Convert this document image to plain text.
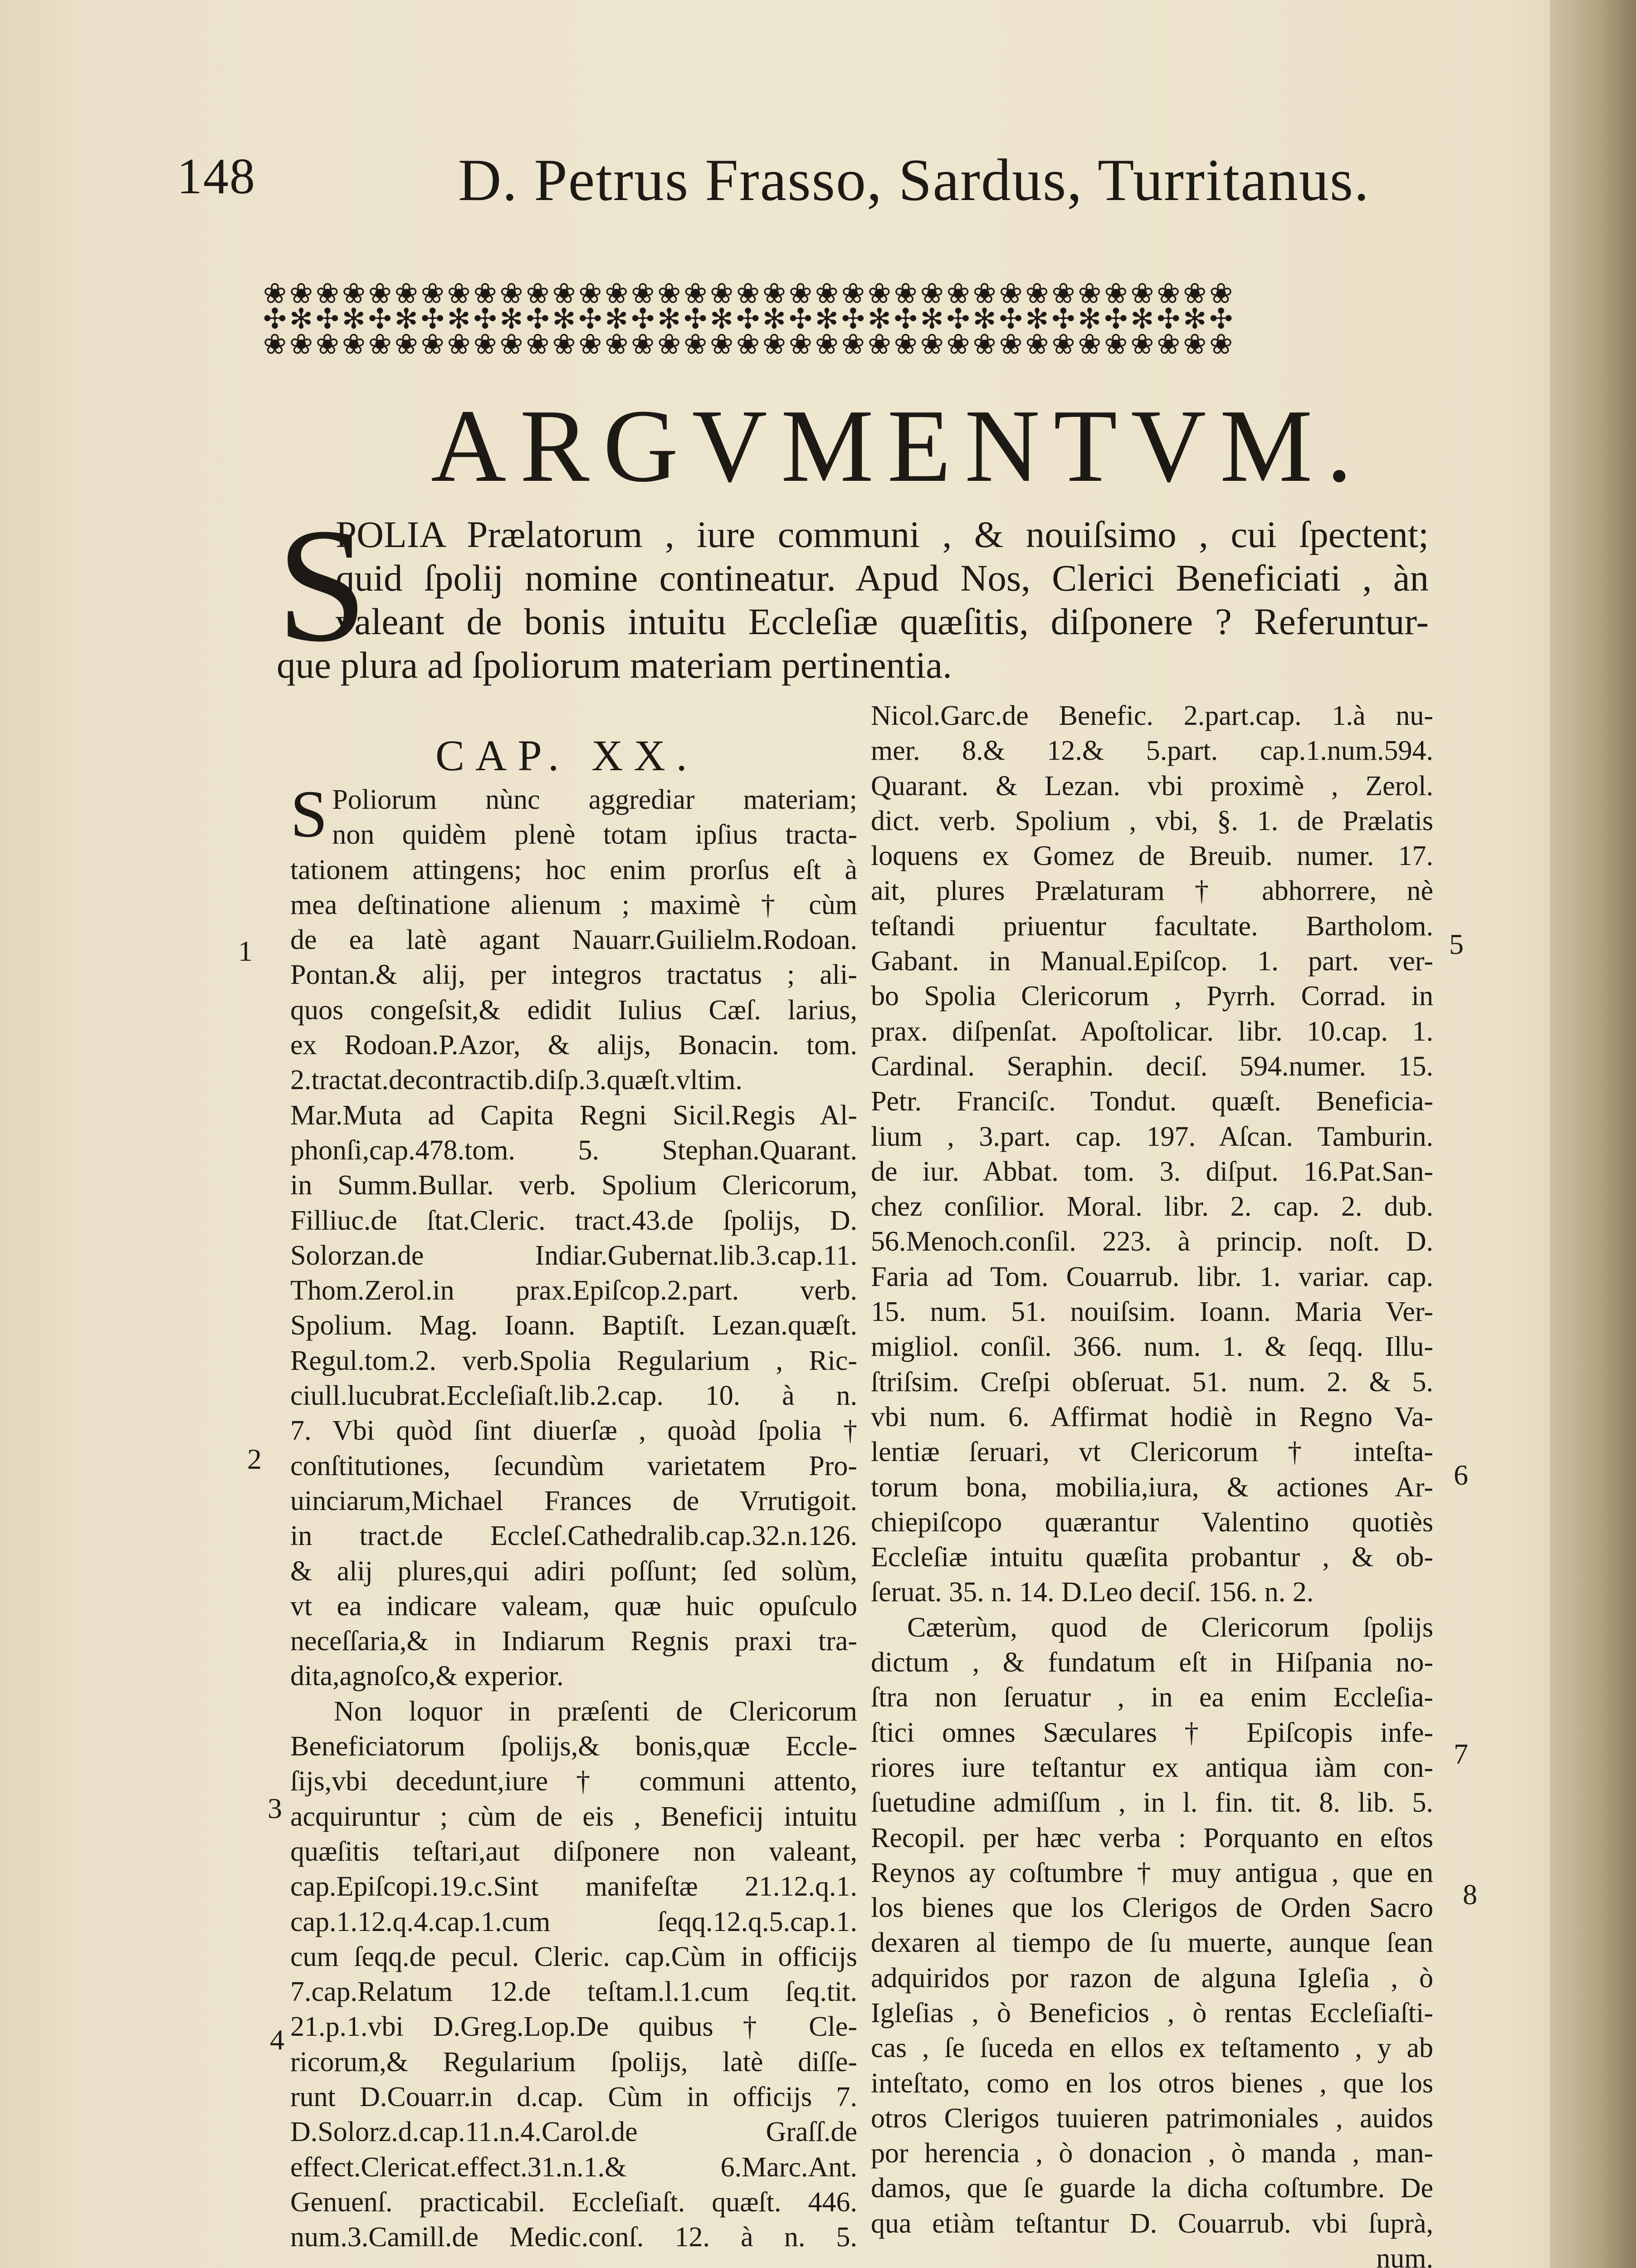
148	D. Petrus Frasso, Sardus, Turritanus.
❀❀❀❀❀❀❀❀❀❀❀❀❀❀❀❀❀❀❀❀❀❀❀❀❀❀❀❀❀❀❀❀❀❀❀❀❀
✣✻✣✻✣✻✣✻✣✻✣✻✣✻✣✻✣✻✣✻✣✻✣✻✣✻✣✻✣✻✣✻✣✻✣✻✣
❀❀❀❀❀❀❀❀❀❀❀❀❀❀❀❀❀❀❀❀❀❀❀❀❀❀❀❀❀❀❀❀❀❀❀❀❀
ARGVMENTVM.
S
POLIA Prælatorum , iure communi , & nouiſsimo , cui ſpectent;
quid ſpolij nomine contineatur. Apud Nos, Clerici Beneficiati , àn
valeant de bonis intuitu Eccleſiæ quæſitis, diſponere ? Referuntur-
que plura ad ſpoliorum materiam pertinentia.
CAP. XX.
S Poliorum nùnc aggrediar materiam;
non quidèm plenè totam ipſius tracta-
tationem attingens; hoc enim prorſus eſt à
mea deſtinatione alienum ; maximè † cùm
de ea latè agant Nauarr.Guilielm.Rodoan.
Pontan.& alij, per integros tractatus ; ali-
quos congeſsit,& edidit Iulius Cæſ. larius,
ex Rodoan.P.Azor, & alijs, Bonacin. tom.
2.tractat.decontractib.diſp.3.quæſt.vltim.
Mar.Muta ad Capita Regni Sicil.Regis Al-
phonſi,cap.478.tom. 5. Stephan.Quarant.
in Summ.Bullar. verb. Spolium Clericorum,
Filliuc.de ſtat.Cleric. tract.43.de ſpolijs, D.
Solorzan.de Indiar.Gubernat.lib.3.cap.11.
Thom.Zerol.in prax.Epiſcop.2.part. verb.
Spolium. Mag. Ioann. Baptiſt. Lezan.quæſt.
Regul.tom.2. verb.Spolia Regularium , Ric-
ciull.lucubrat.Eccleſiaſt.lib.2.cap. 10. à n.
7. Vbi quòd ſint diuerſæ , quoàd ſpolia †
conſtitutiones, ſecundùm varietatem Pro-
uinciarum,Michael Frances de Vrrutigoit.
in tract.de Eccleſ.Cathedralib.cap.32.n.126.
& alij plures,qui adiri poſſunt; ſed solùm,
vt ea indicare valeam, quæ huic opuſculo
neceſſaria,& in Indiarum Regnis praxi tra-
dita,agnoſco,& experior.
Non loquor in præſenti de Clericorum
Beneficiatorum ſpolijs,& bonis,quæ Eccle-
ſijs,vbi decedunt,iure † communi attento,
acquiruntur ; cùm de eis , Beneficij intuitu
quæſitis teſtari,aut diſponere non valeant,
cap.Epiſcopi.19.c.Sint manifeſtæ 21.12.q.1.
cap.1.12.q.4.cap.1.cum ſeqq.12.q.5.cap.1.
cum ſeqq.de pecul. Cleric. cap.Cùm in officijs
7.cap.Relatum 12.de teſtam.l.1.cum ſeq.tit.
21.p.1.vbi D.Greg.Lop.De quibus † Cle-
ricorum,& Regularium ſpolijs, latè diſſe-
runt D.Couarr.in d.cap. Cùm in officijs 7.
D.Solorz.d.cap.11.n.4.Carol.de Graſſ.de
effect.Clericat.effect.31.n.1.& 6.Marc.Ant.
Genuenſ. practicabil. Eccleſiaſt. quæſt. 446.
num.3.Camill.de Medic.conſ. 12. à n. 5.
Nicol.Garc.de Benefic. 2.part.cap. 1.à nu-
mer. 8.& 12.& 5.part. cap.1.num.594.
Quarant. & Lezan. vbi proximè , Zerol.
dict. verb. Spolium , vbi, §. 1. de Prælatis
loquens ex Gomez de Breuib. numer. 17.
ait, plures Prælaturam † abhorrere, nè
teſtandi priuentur facultate. Bartholom.
Gabant. in Manual.Epiſcop. 1. part. ver-
bo Spolia Clericorum , Pyrrh. Corrad. in
prax. diſpenſat. Apoſtolicar. libr. 10.cap. 1.
Cardinal. Seraphin. deciſ. 594.numer. 15.
Petr. Franciſc. Tondut. quæſt. Beneficia-
lium , 3.part. cap. 197. Aſcan. Tamburin.
de iur. Abbat. tom. 3. diſput. 16.Pat.San-
chez conſilior. Moral. libr. 2. cap. 2. dub.
56.Menoch.conſil. 223. à princip. noſt. D.
Faria ad Tom. Couarrub. libr. 1. variar. cap.
15. num. 51. nouiſsim. Ioann. Maria Ver-
migliol. conſil. 366. num. 1. & ſeqq. Illu-
ſtriſsim. Creſpi obſeruat. 51. num. 2. & 5.
vbi num. 6. Affirmat hodiè in Regno Va-
lentiæ ſeruari, vt Clericorum † inteſta-
torum bona, mobilia,iura, & actiones Ar-
chiepiſcopo quærantur Valentino quotiès
Eccleſiæ intuitu quæſita probantur , & ob-
ſeruat. 35. n. 14. D.Leo deciſ. 156. n. 2.
Cæterùm, quod de Clericorum ſpolijs
dictum , & fundatum eſt in Hiſpania no-
ſtra non ſeruatur , in ea enim Eccleſia-
ſtici omnes Sæculares † Epiſcopis infe-
riores iure teſtantur ex antiqua iàm con-
ſuetudine admiſſum , in l. fin. tit. 8. lib. 5.
Recopil. per hæc verba : Porquanto en eſtos
Reynos ay coſtumbre † muy antigua , que en
los bienes que los Clerigos de Orden Sacro
dexaren al tiempo de ſu muerte, aunque ſean
adquiridos por razon de alguna Igleſia , ò
Igleſias , ò Beneficios , ò rentas Eccleſiaſti-
cas , ſe ſuceda en ellos ex teſtamento , y ab
inteſtato, como en los otros bienes , que los
otros Clerigos tuuieren patrimoniales , auidos
por herencia , ò donacion , ò manda , man-
damos, que ſe guarde la dicha coſtumbre. De
qua etiàm teſtantur D. Couarrub. vbi ſuprà,
num.
1
2
3
4
5
6
7
8
